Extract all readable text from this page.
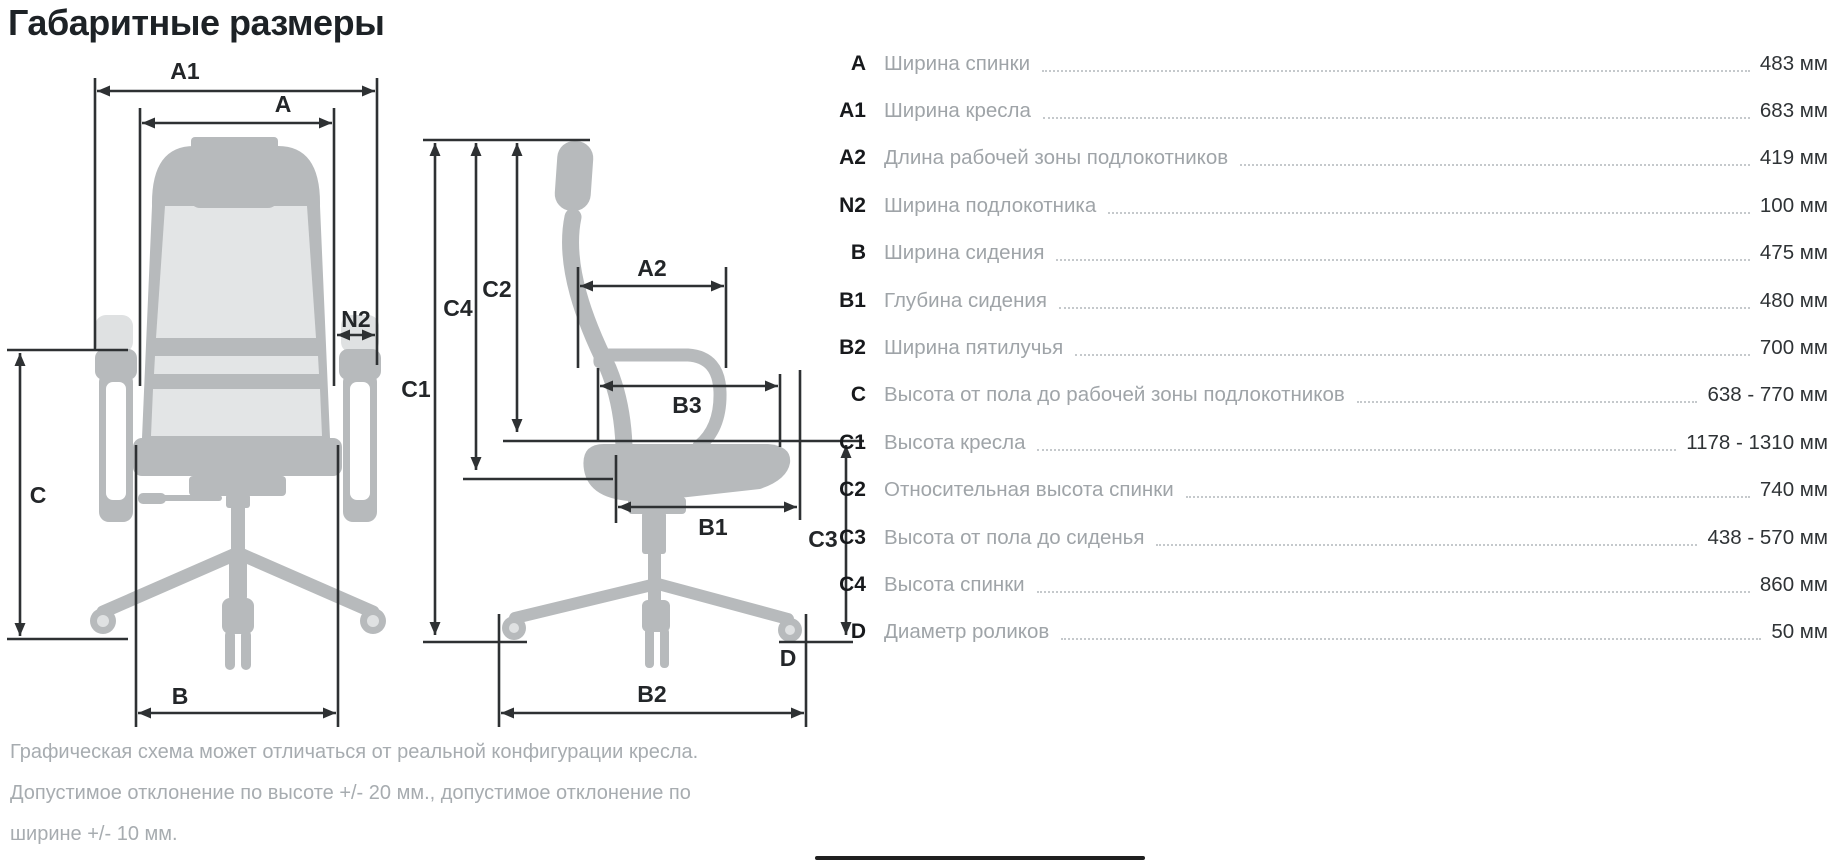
Габаритные размеры
A1
A
N2
C
B
C1
C4
C2
A2
B3
B1	C3
B2
D
A Ширина спинки	483 мм
A1 Ширина кресла	683 мм
A2 Длина рабочей зоны подлокотников	419 мм
N2 Ширина подлокотника	100 мм
B Ширина сидения	475 мм
B1 Глубина сидения	480 мм
B2 Ширина пятилучья	700 мм
C Высота от пола до рабочей зоны подлокотников	638 - 770 мм
C1 Высота кресла	1178 - 1310 мм
C2 Относительная высота спинки	740 мм
C3 Высота от пола до сиденья	438 - 570 мм
C4 Высота спинки	860 мм
D Диаметр роликов	50 мм

Графическая схема может отличаться от реальной конфигурации кресла.

Допустимое отклонение по высоте +/- 20 мм., допустимое отклонение по ширине +/- 10 мм.
